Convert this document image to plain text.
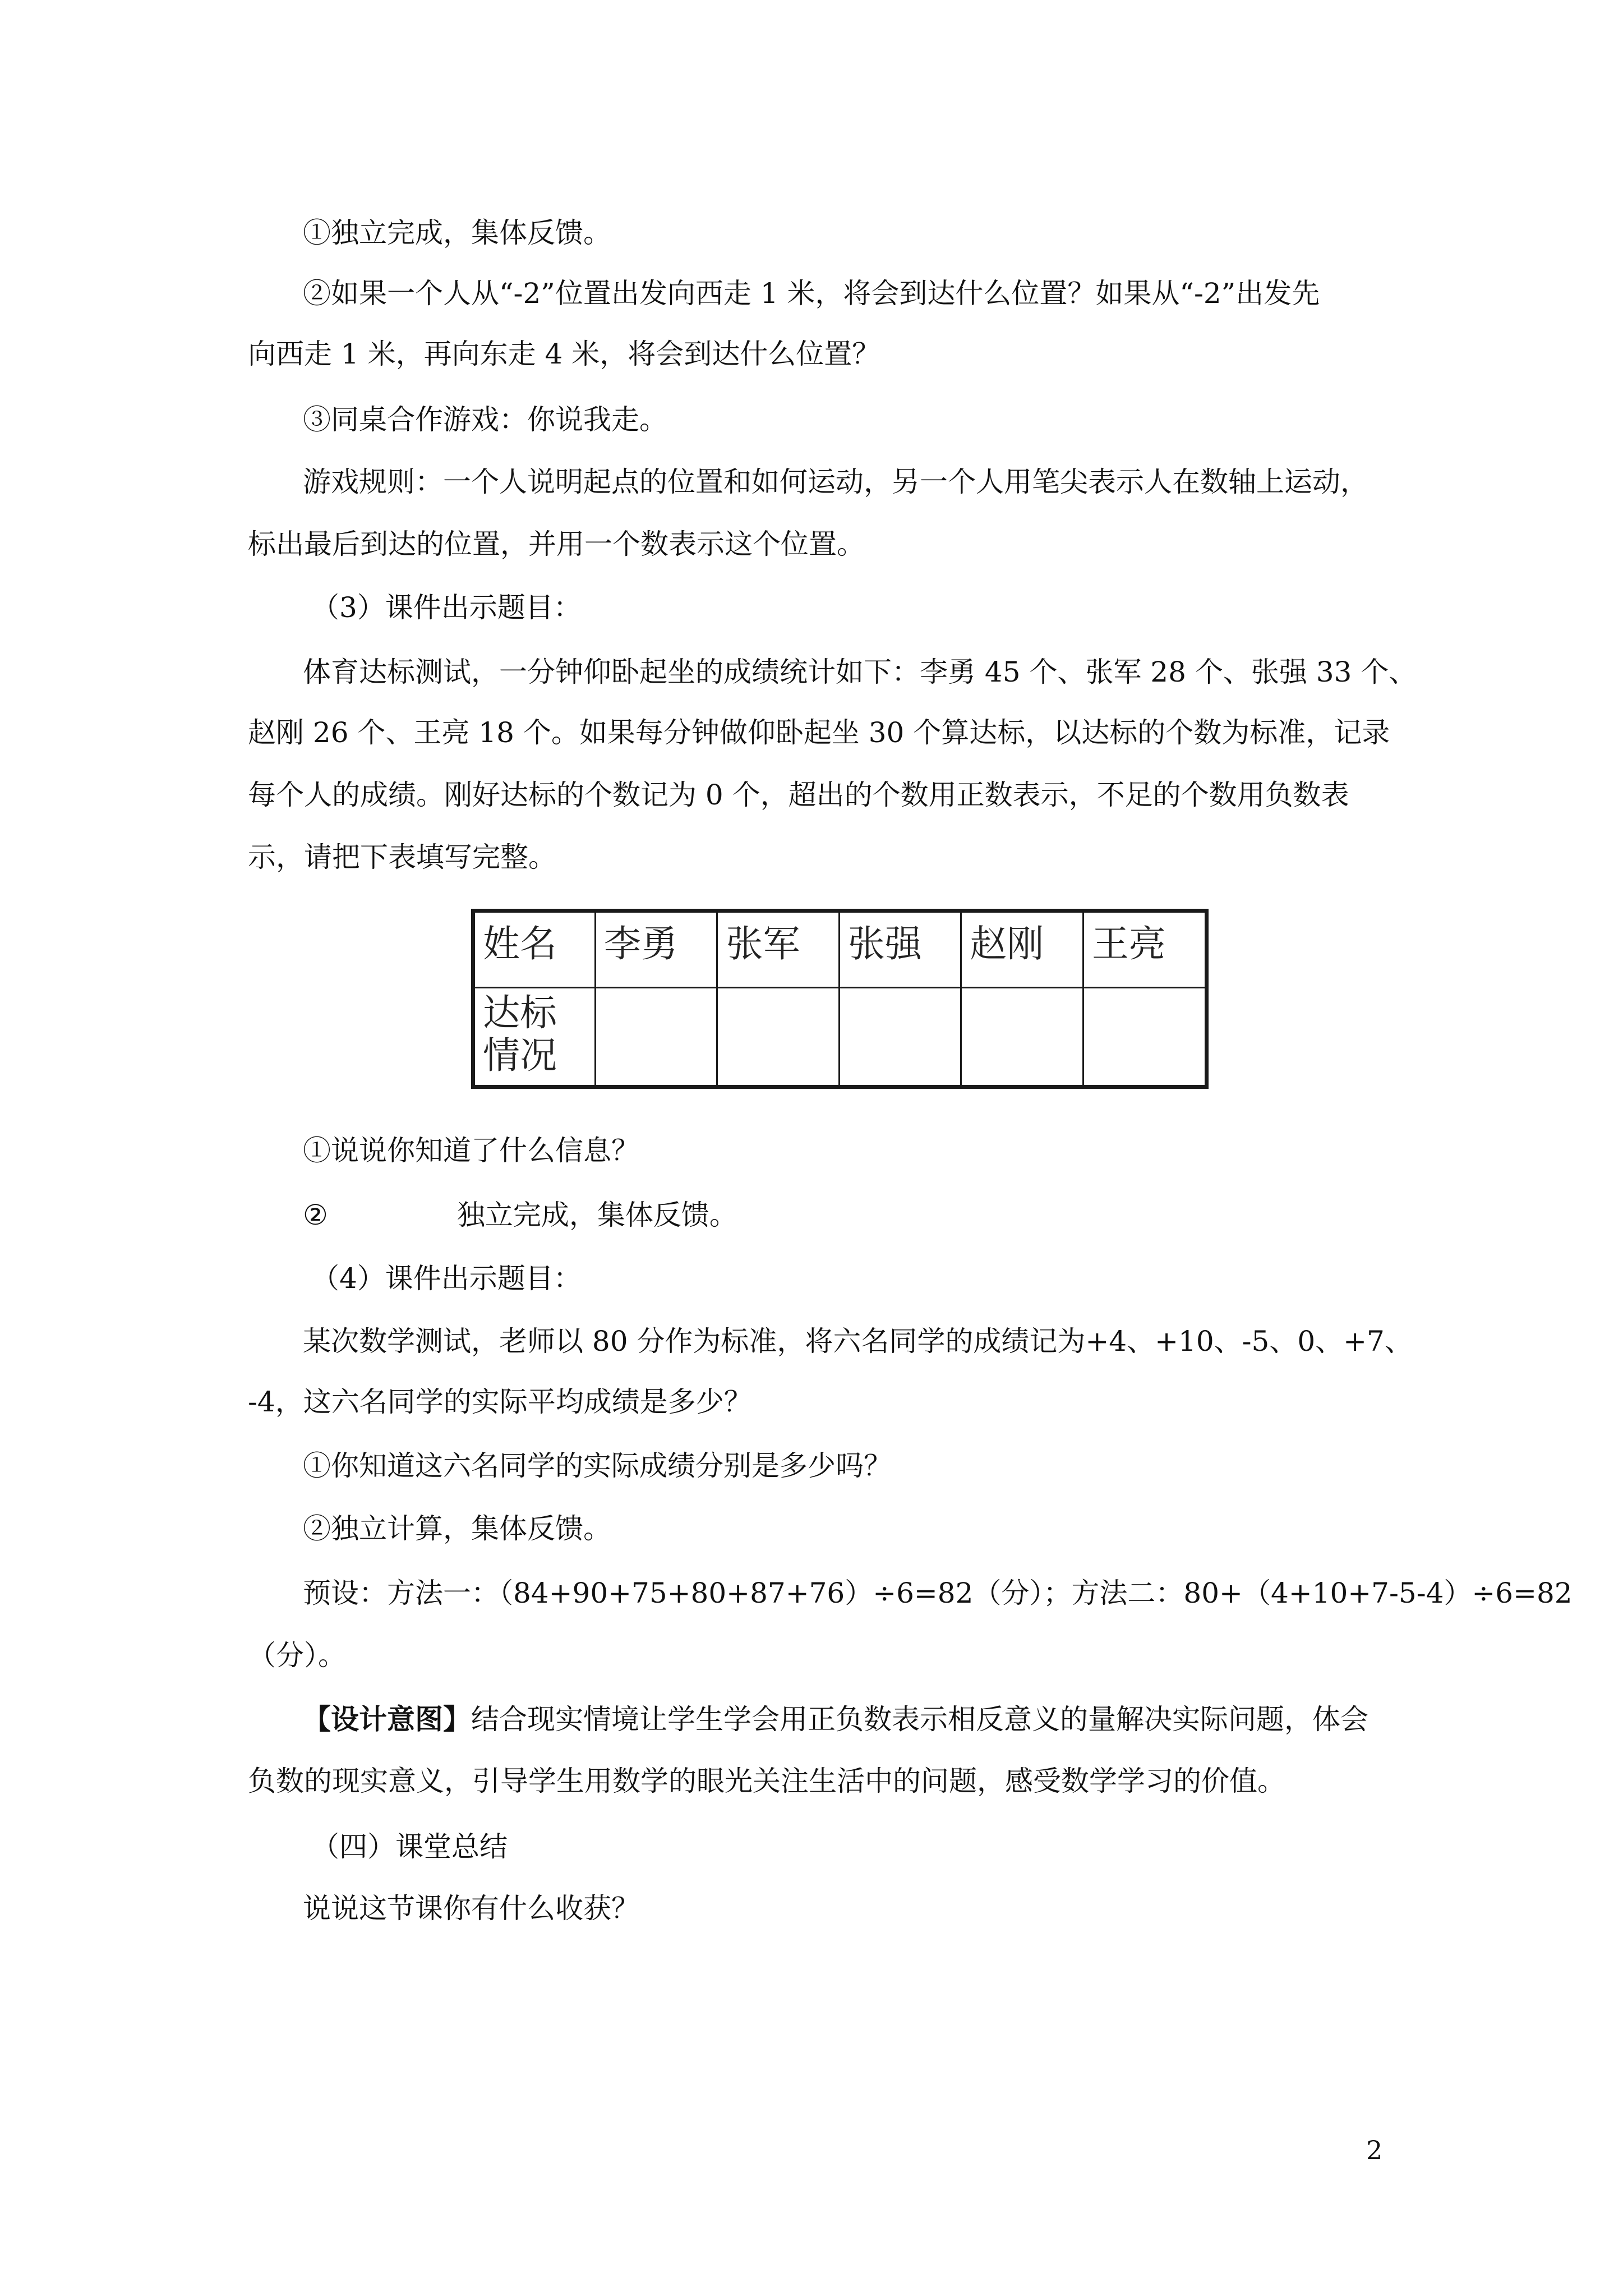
①独立完成，集体反馈。
②如果一个人从“-2”位置出发向西走 1 米，将会到达什么位置？如果从“-2”出发先
向西走 1 米，再向东走 4 米，将会到达什么位置？
③同桌合作游戏：你说我走。
游戏规则：一个人说明起点的位置和如何运动，另一个人用笔尖表示人在数轴上运动，
标出最后到达的位置，并用一个数表示这个位置。
（3）课件出示题目：
体育达标测试，一分钟仰卧起坐的成绩统计如下：李勇 45 个、张军 28 个、张强 33 个、
赵刚 26 个、王亮 18 个。如果每分钟做仰卧起坐 30 个算达标，以达标的个数为标准，记录
每个人的成绩。刚好达标的个数记为 0 个，超出的个数用正数表示，不足的个数用负数表
示，请把下表填写完整。
姓名	李勇	张军	张强	赵刚	王亮

达标
情况					

①说说你知道了什么信息？
②	独立完成，集体反馈。
（4）课件出示题目：
某次数学测试，老师以 80 分作为标准，将六名同学的成绩记为+4、+10、-5、0、+7、
-4，这六名同学的实际平均成绩是多少？
①你知道这六名同学的实际成绩分别是多少吗？
②独立计算，集体反馈。
预设：方法一：（84+90+75+80+87+76）÷6=82（分）；方法二：80+（4+10+7-5-4）÷6=82
（分）。
【设计意图】结合现实情境让学生学会用正负数表示相反意义的量解决实际问题，体会
负数的现实意义，引导学生用数学的眼光关注生活中的问题，感受数学学习的价值。
（四）课堂总结
说说这节课你有什么收获？
2
